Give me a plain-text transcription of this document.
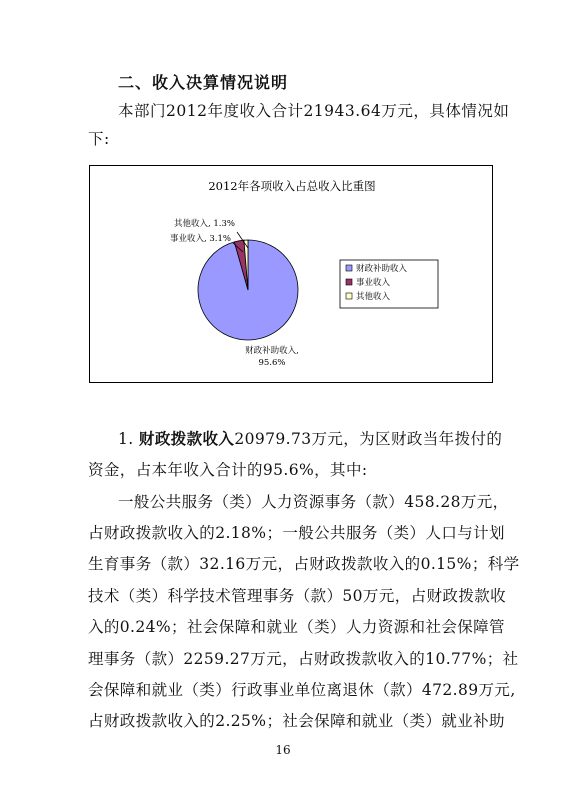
二、收入决算情况说明
本部门2012年度收入合计21943.64万元，具体情况如
下:
2012年各项收入占总收入比重图
其他收入, 1.3%
事业收入, 3.1%
财政补助收入,
95.6%
财政补助收入
事业收入
其他收入
1. 财政拨款收入20979.73万元，为区财政当年拨付的
资金，占本年收入合计的95.6%，其中:
一般公共服务（类）人力资源事务（款）458.28万元，
占财政拨款收入的2.18%；一般公共服务（类）人口与计划
生育事务（款）32.16万元，占财政拨款收入的0.15%；科学
技术（类）科学技术管理事务（款）50万元，占财政拨款收
入的0.24%；社会保障和就业（类）人力资源和社会保障管
理事务（款）2259.27万元，占财政拨款收入的10.77%；社
会保障和就业（类）行政事业单位离退休（款）472.89万元,
占财政拨款收入的2.25%；社会保障和就业（类）就业补助
16
